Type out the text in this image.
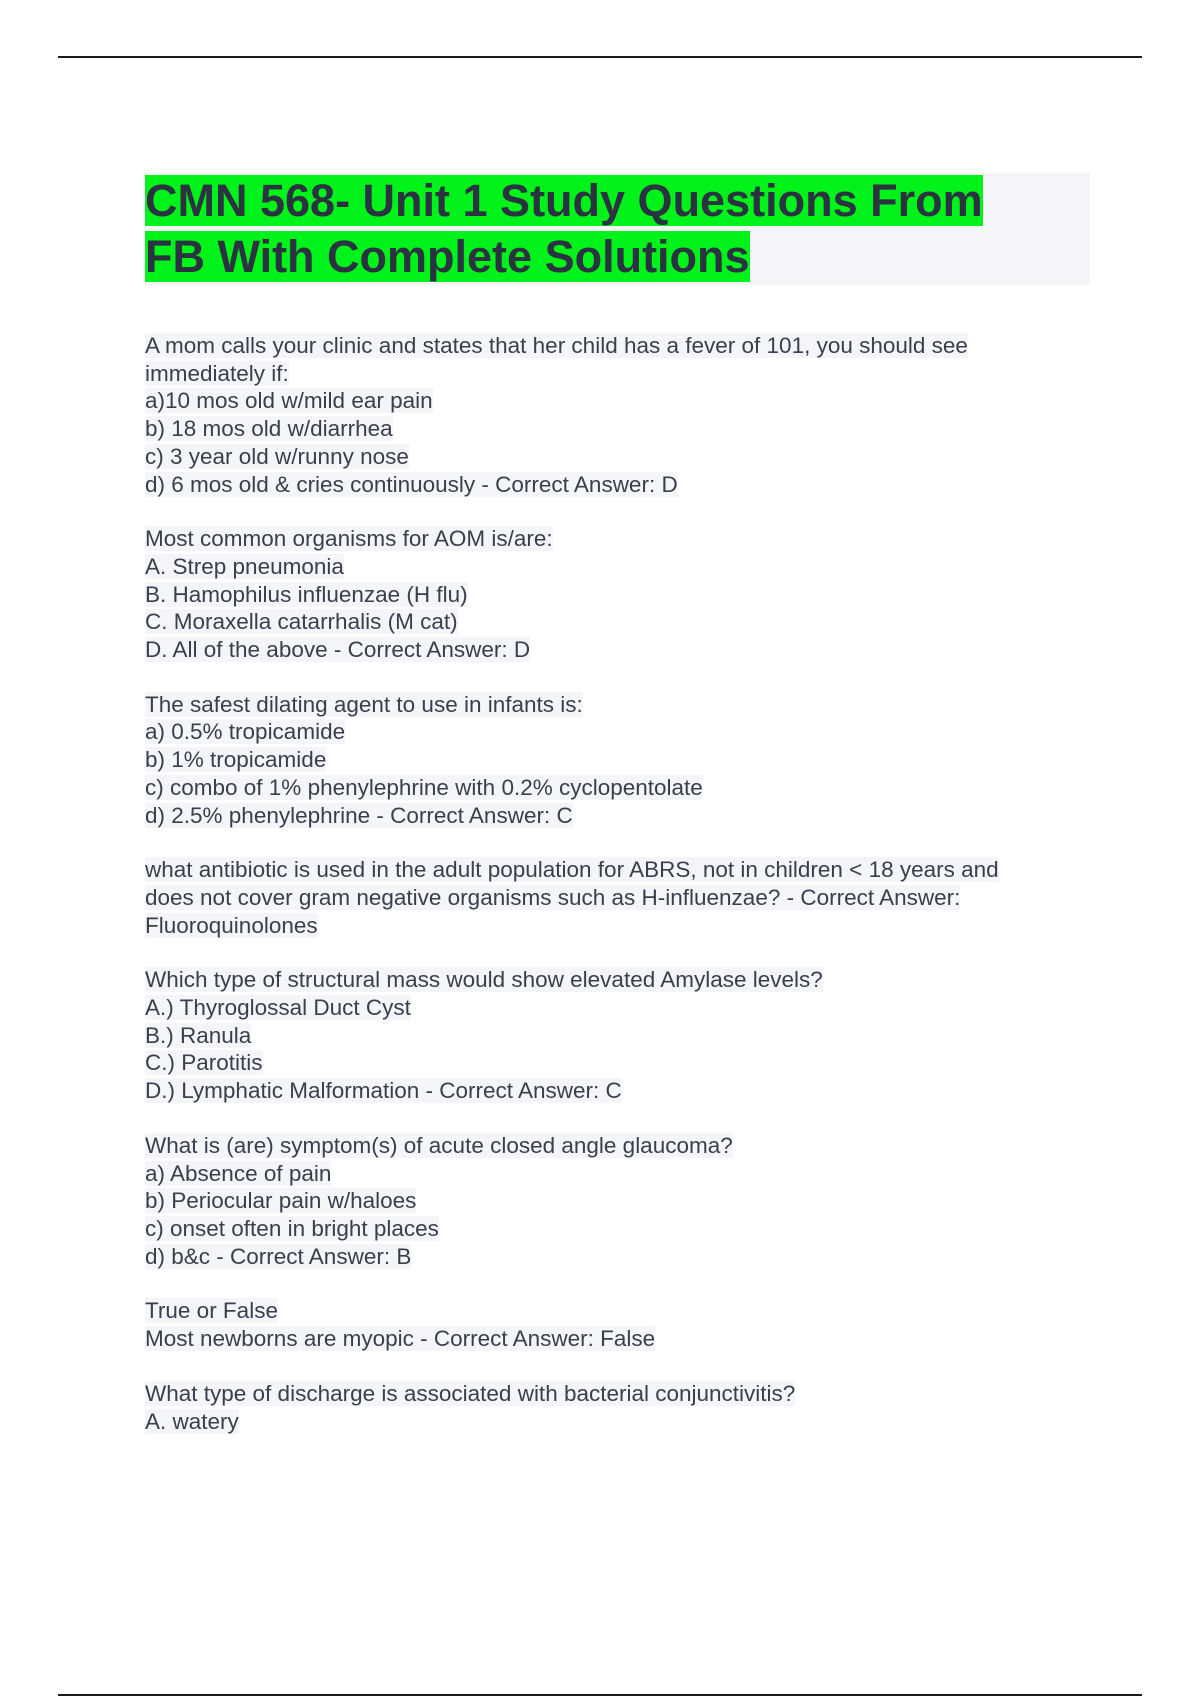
CMN 568- Unit 1 Study Questions From
FB With Complete Solutions
A mom calls your clinic and states that her child has a fever of 101, you should see
immediately if:
a)10 mos old w/mild ear pain
b) 18 mos old w/diarrhea
c) 3 year old w/runny nose
d) 6 mos old & cries continuously - Correct Answer: D
Most common organisms for AOM is/are:
A. Strep pneumonia
B. Hamophilus influenzae (H flu)
C. Moraxella catarrhalis (M cat)
D. All of the above - Correct Answer: D
The safest dilating agent to use in infants is:
a) 0.5% tropicamide
b) 1% tropicamide
c) combo of 1% phenylephrine with 0.2% cyclopentolate
d) 2.5% phenylephrine - Correct Answer: C
what antibiotic is used in the adult population for ABRS, not in children < 18 years and
does not cover gram negative organisms such as H-influenzae? - Correct Answer:
Fluoroquinolones
Which type of structural mass would show elevated Amylase levels?
A.) Thyroglossal Duct Cyst
B.) Ranula
C.) Parotitis
D.) Lymphatic Malformation - Correct Answer: C
What is (are) symptom(s) of acute closed angle glaucoma?
a) Absence of pain
b) Periocular pain w/haloes
c) onset often in bright places
d) b&c - Correct Answer: B
True or False
Most newborns are myopic - Correct Answer: False
What type of discharge is associated with bacterial conjunctivitis?
A. watery
